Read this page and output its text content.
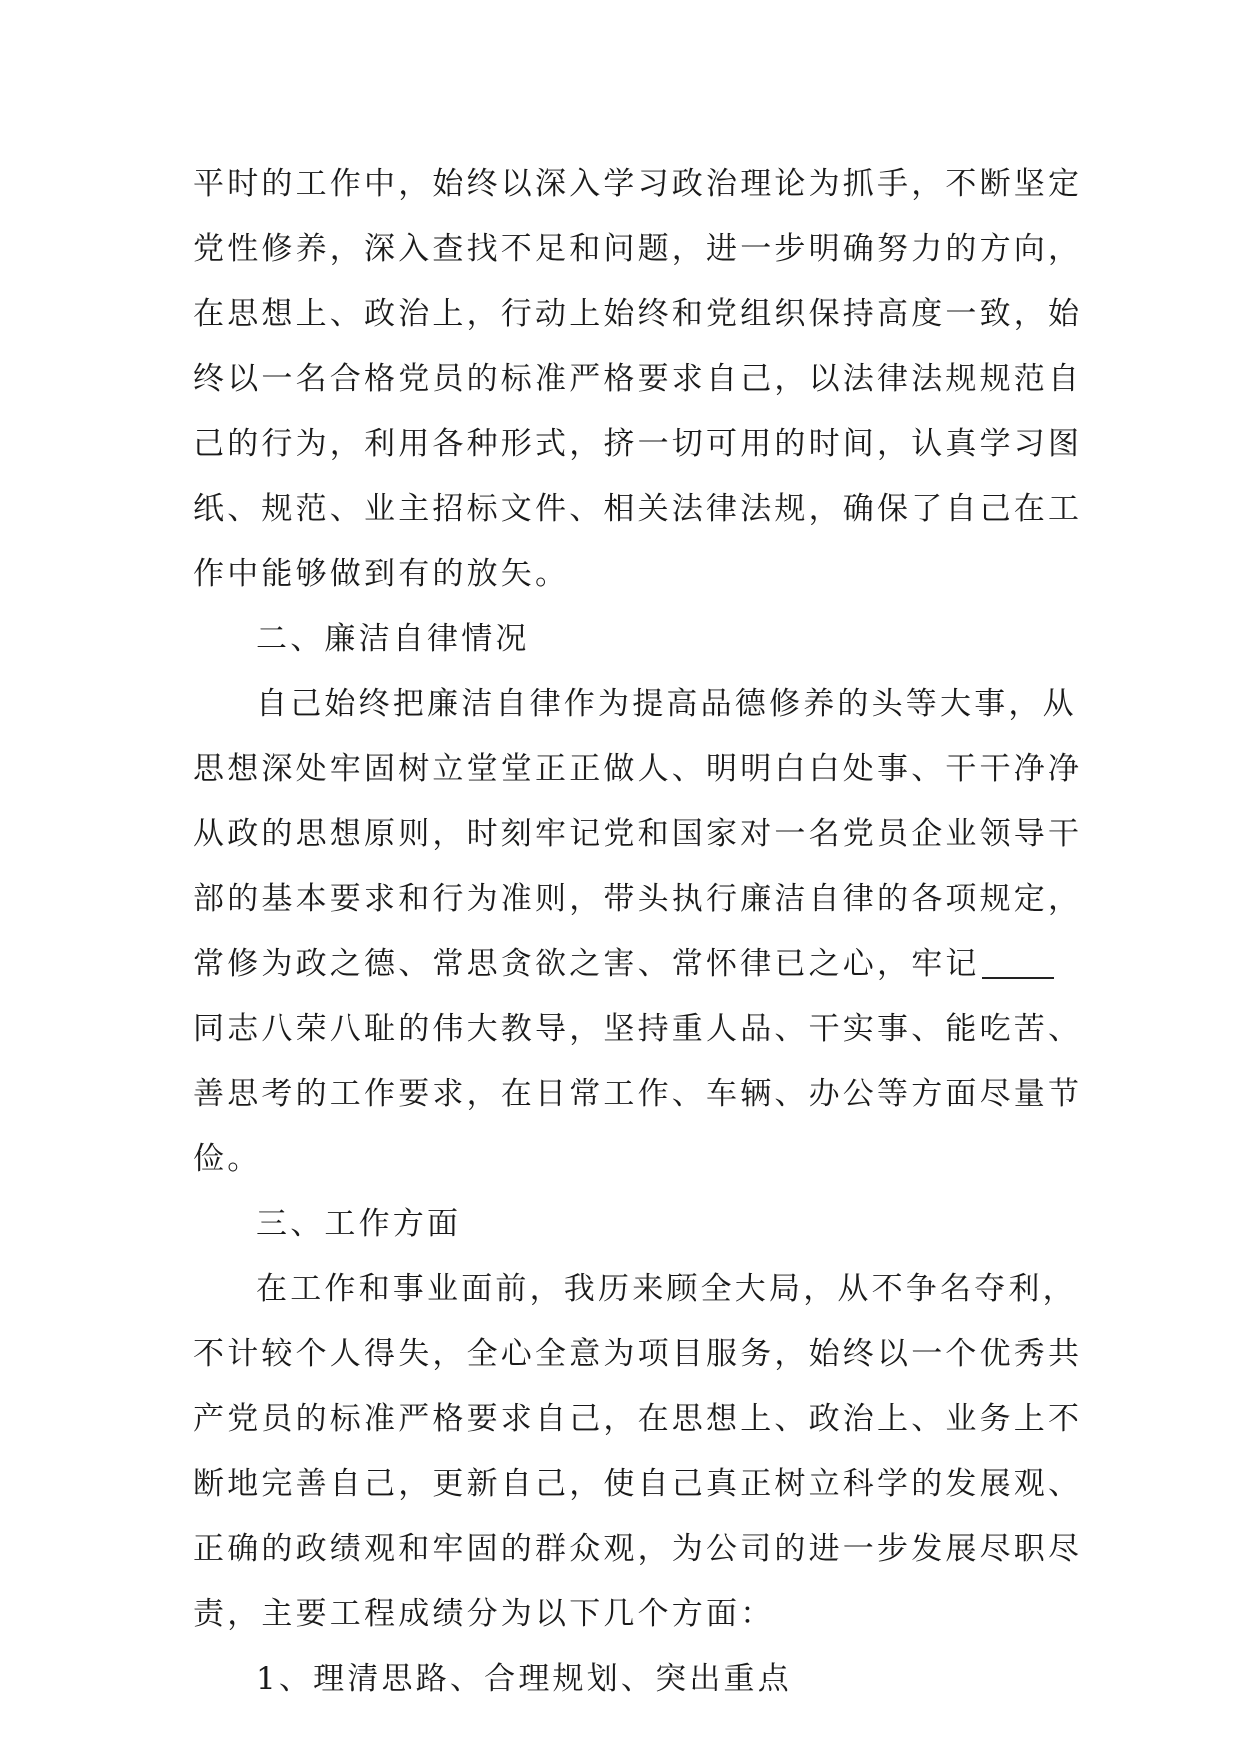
平时的工作中，始终以深入学习政治理论为抓手，不断坚定
党性修养，深入查找不足和问题，进一步明确努力的方向，
在思想上、政治上，行动上始终和党组织保持高度一致，始
终以一名合格党员的标准严格要求自己，以法律法规规范自
己的行为，利用各种形式，挤一切可用的时间，认真学习图
纸、规范、业主招标文件、相关法律法规，确保了自己在工
作中能够做到有的放矢。
二、廉洁自律情况
自己始终把廉洁自律作为提高品德修养的头等大事，从
思想深处牢固树立堂堂正正做人、明明白白处事、干干净净
从政的思想原则，时刻牢记党和国家对一名党员企业领导干
部的基本要求和行为准则，带头执行廉洁自律的各项规定，
常修为政之德、常思贪欲之害、常怀律已之心，牢记
同志八荣八耻的伟大教导，坚持重人品、干实事、能吃苦、
善思考的工作要求，在日常工作、车辆、办公等方面尽量节
俭。
三、工作方面
在工作和事业面前，我历来顾全大局，从不争名夺利，
不计较个人得失，全心全意为项目服务，始终以一个优秀共
产党员的标准严格要求自己，在思想上、政治上、业务上不
断地完善自己，更新自己，使自己真正树立科学的发展观、
正确的政绩观和牢固的群众观，为公司的进一步发展尽职尽
责，主要工程成绩分为以下几个方面：
1、理清思路、合理规划、突出重点
